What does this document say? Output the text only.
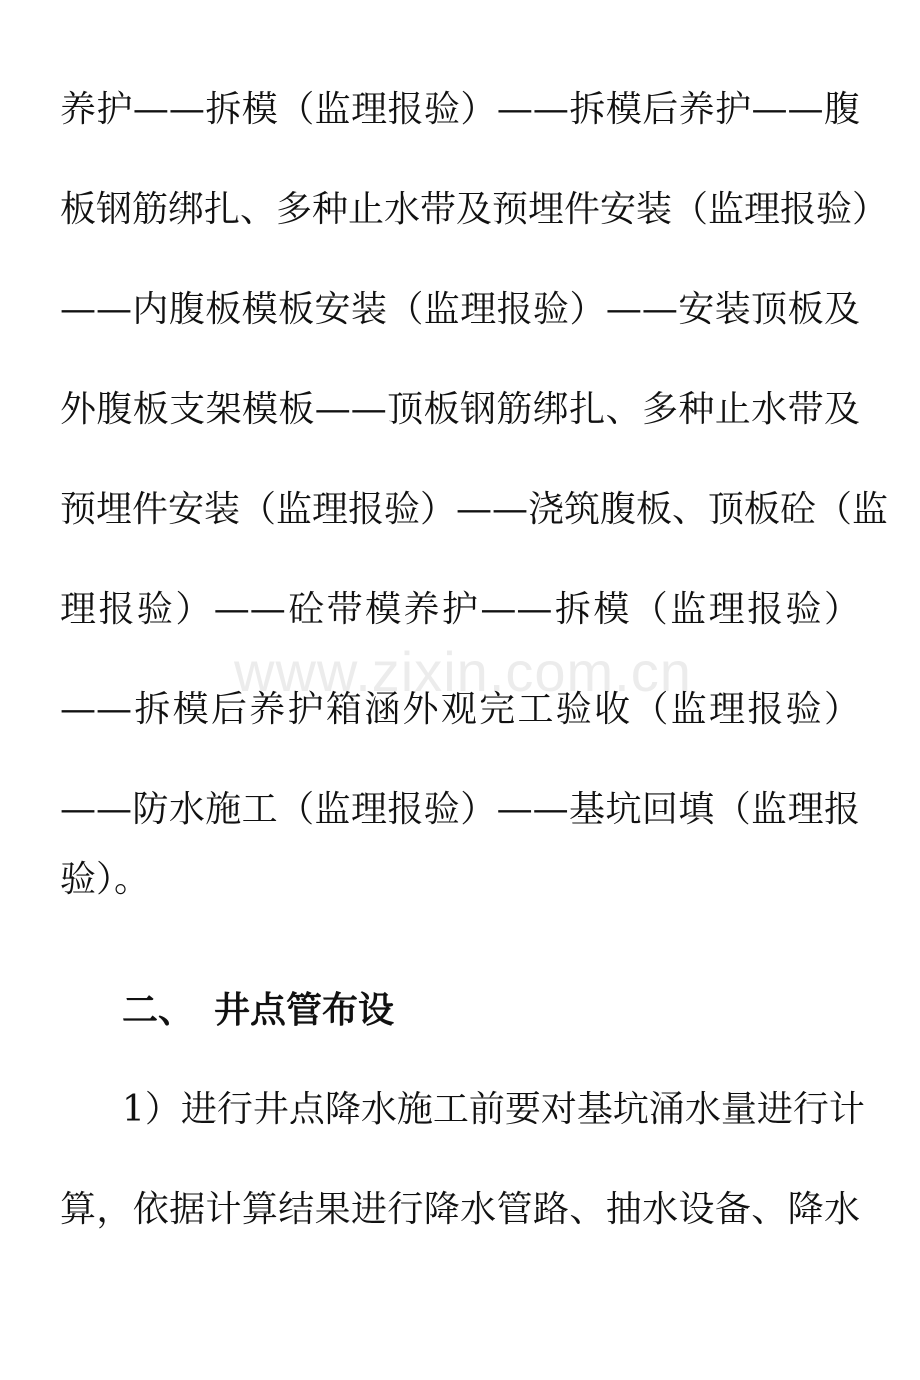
养护——拆模（监理报验）——拆模后养护——腹
板钢筋绑扎、多种止水带及预埋件安装（监理报验）
——内腹板模板安装（监理报验）——安装顶板及
外腹板支架模板——顶板钢筋绑扎、多种止水带及
预埋件安装（监理报验）——浇筑腹板、顶板砼（监
理报验）——砼带模养护——拆模（监理报验）
——拆模后养护箱涵外观完工验收（监理报验）
——防水施工（监理报验）——基坑回填（监理报
验）。
二、 井点管布设
1）进行井点降水施工前要对基坑涌水量进行计
算，依据计算结果进行降水管路、抽水设备、降水
www.zixin.com.cn
